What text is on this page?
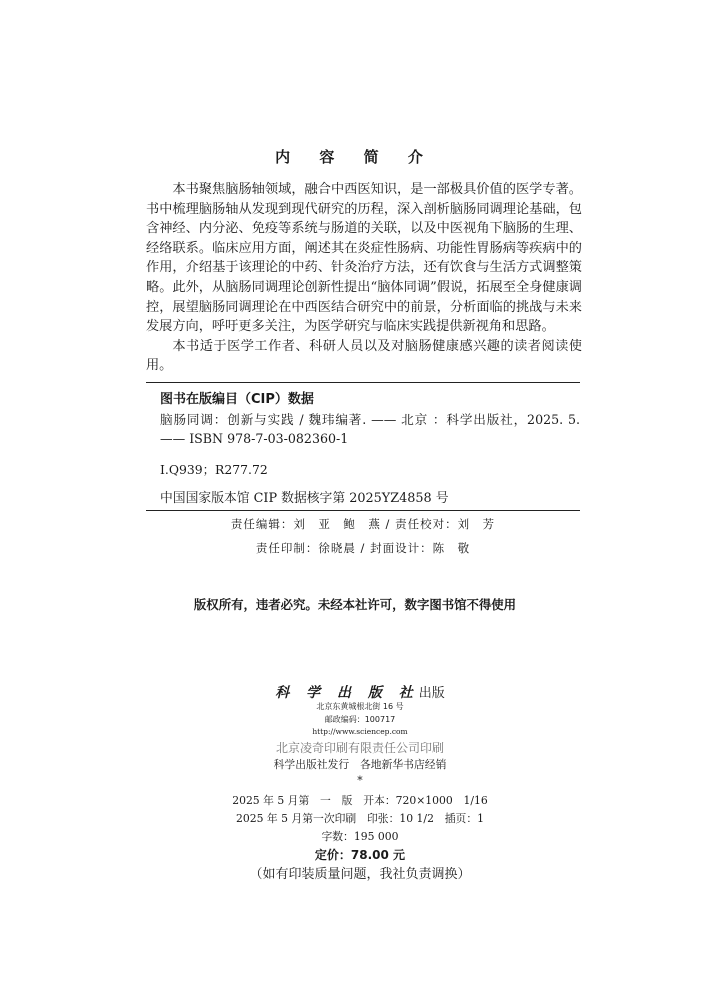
内 容 简 介

本书聚焦脑肠轴领域，融合中西医知识，是一部极具价值的医学专著。书中梳理脑肠轴从发现到现代研究的历程，深入剖析脑肠同调理论基础，包含神经、内分泌、免疫等系统与肠道的关联，以及中医视角下脑肠的生理、经络联系。临床应用方面，阐述其在炎症性肠病、功能性胃肠病等疾病中的作用，介绍基于该理论的中药、针灸治疗方法，还有饮食与生活方式调整策略。此外，从脑肠同调理论创新性提出“脑体同调”假说，拓展至全身健康调控，展望脑肠同调理论在中西医结合研究中的前景，分析面临的挑战与未来发展方向，呼吁更多关注，为医学研究与临床实践提供新视角和思路。

本书适于医学工作者、科研人员以及对脑肠健康感兴趣的读者阅读使用。

图书在版编目（CIP）数据
脑肠同调：创新与实践 / 魏玮编著. —— 北京 ：科学出版社，2025. 5. —— ISBN 978-7-03-082360-1
Ⅰ.Q939；R277.72
中国国家版本馆 CIP 数据核字第 2025YZ4858 号
责任编辑：刘　亚　鲍　燕 / 责任校对：刘　芳
责任印制：徐晓晨 / 封面设计：陈　敬
版权所有，违者必究。未经本社许可，数字图书馆不得使用
科 学 出 版 社出版
北京东黄城根北街 16 号
邮政编码：100717
http://www.sciencep.com
北京凌奇印刷有限责任公司印刷
科学出版社发行　各地新华书店经销
*
2025 年 5 月第　一　版　开本：720×1000　1/16
2025 年 5 月第一次印刷　印张：10 1/2　插页：1
字数：195 000
定价：78.00 元
（如有印装质量问题，我社负责调换）
